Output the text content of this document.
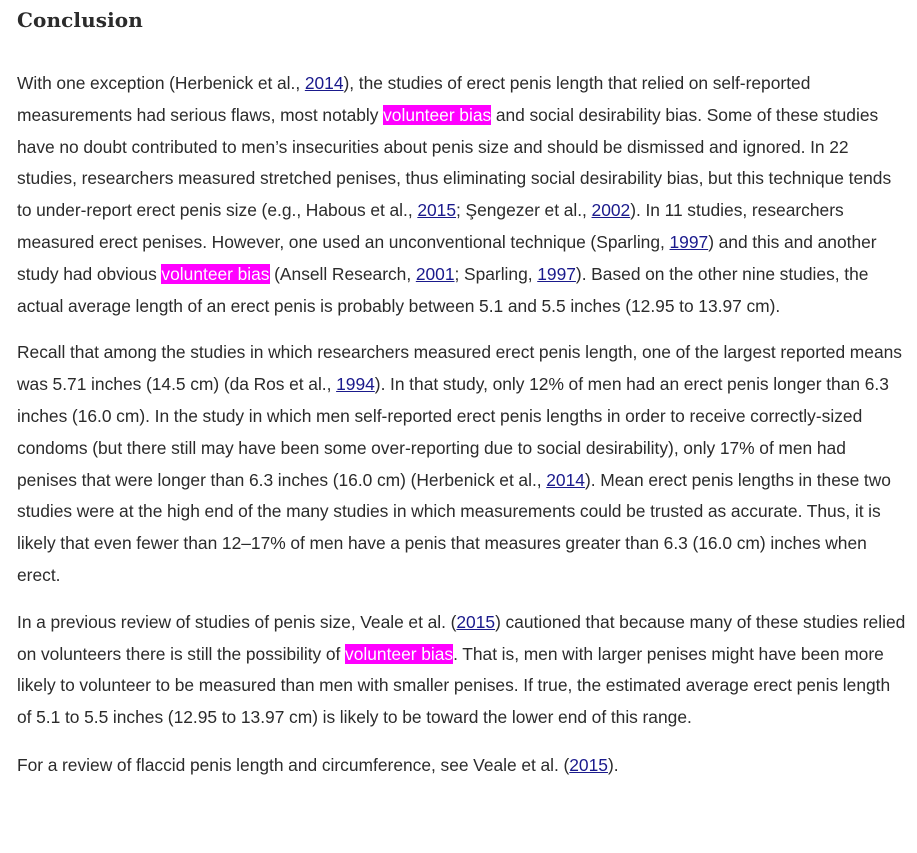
Conclusion

With one exception (Herbenick et al., 2014), the studies of erect penis length that relied on self-reported measurements had serious flaws, most notably volunteer bias and social desirability bias. Some of these studies have no doubt contributed to men’s insecurities about penis size and should be dismissed and ignored. In 22 studies, researchers measured stretched penises, thus eliminating social desirability bias, but this technique tends to under-report erect penis size (e.g., Habous et al., 2015; Şengezer et al., 2002). In 11 studies, researchers measured erect penises. However, one used an unconventional technique (Sparling, 1997) and this and another study had obvious volunteer bias (Ansell Research, 2001; Sparling, 1997). Based on the other nine studies, the actual average length of an erect penis is probably between 5.1 and 5.5 inches (12.95 to 13.97 cm).

Recall that among the studies in which researchers measured erect penis length, one of the largest reported means was 5.71 inches (14.5 cm) (da Ros et al., 1994). In that study, only 12% of men had an erect penis longer than 6.3 inches (16.0 cm). In the study in which men self-reported erect penis lengths in order to receive correctly-sized condoms (but there still may have been some over-reporting due to social desirability), only 17% of men had penises that were longer than 6.3 inches (16.0 cm) (Herbenick et al., 2014). Mean erect penis lengths in these two studies were at the high end of the many studies in which measurements could be trusted as accurate. Thus, it is likely that even fewer than 12–17% of men have a penis that measures greater than 6.3 (16.0 cm) inches when erect.

In a previous review of studies of penis size, Veale et al. (2015) cautioned that because many of these studies relied on volunteers there is still the possibility of volunteer bias. That is, men with larger penises might have been more likely to volunteer to be measured than men with smaller penises. If true, the estimated average erect penis length of 5.1 to 5.5 inches (12.95 to 13.97 cm) is likely to be toward the lower end of this range.

For a review of flaccid penis length and circumference, see Veale et al. (2015).
